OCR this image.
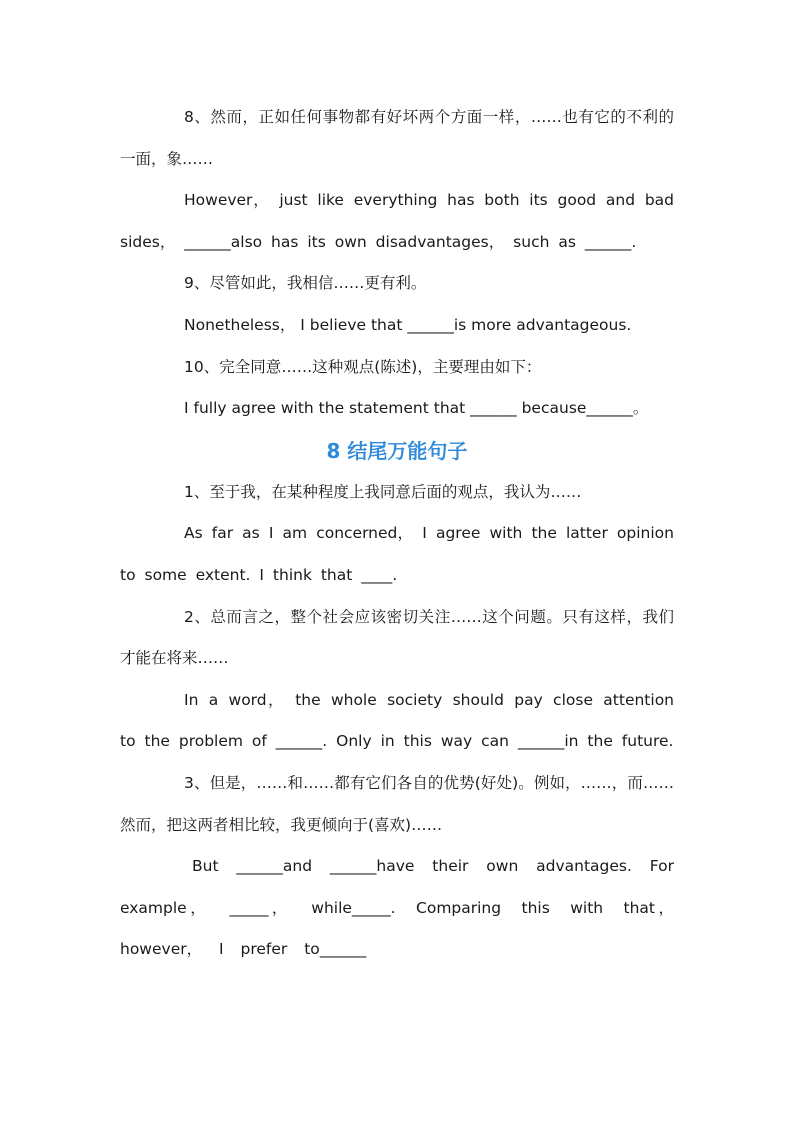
8、然而，正如任何事物都有好坏两个方面一样，……也有它的不利的一面，象……

However， just like everything has both its good and bad sides， ______also has its own disadvantages， such as ______.

9、尽管如此，我相信……更有利。

Nonetheless， I believe that ______is more advantageous.

10、完全同意……这种观点(陈述)，主要理由如下：

I fully agree with the statement that ______ because______。

8 结尾万能句子

1、至于我，在某种程度上我同意后面的观点，我认为……

As far as I am concerned， I agree with the latter opinion to some extent. I think that ____.

2、总而言之，整个社会应该密切关注……这个问题。只有这样，我们才能在将来……

In a word， the whole society should pay close attention to the problem of ______. Only in this way can ______in the future.

3、但是，……和……都有它们各自的优势(好处)。例如，……，而……然而，把这两者相比较，我更倾向于(喜欢)……

But ______and ______have their own advantages. For example， _____， while_____. Comparing this with that， however， I prefer to______
